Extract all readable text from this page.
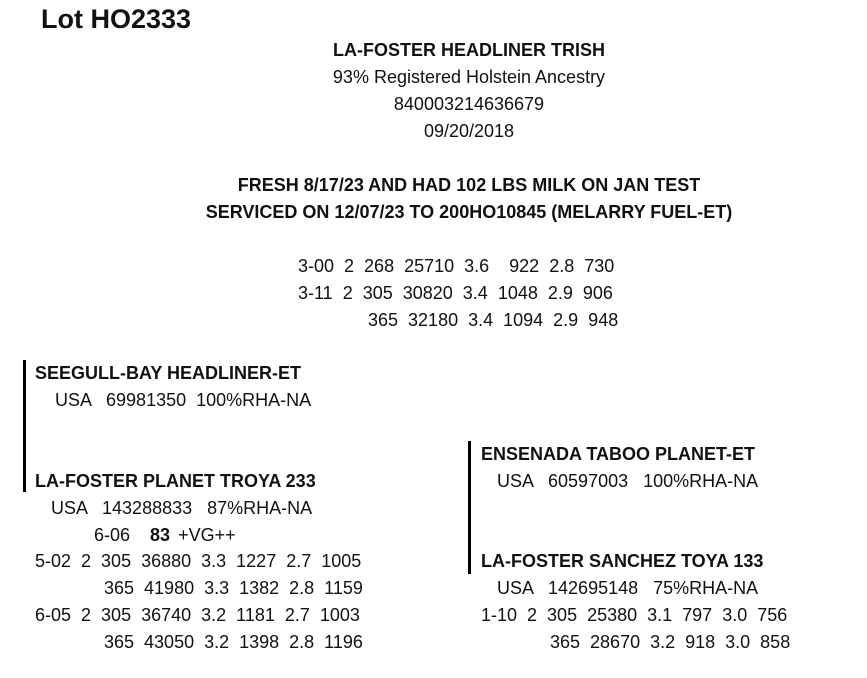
Lot HO2333
LA-FOSTER HEADLINER TRISH
93% Registered Holstein Ancestry
840003214636679
09/20/2018
FRESH 8/17/23 AND HAD 102 LBS MILK ON JAN TEST
SERVICED ON 12/07/23 TO 200HO10845 (MELARRY FUEL-ET)
3-00  2  268  25710  3.6    922  2.8  730
3-11  2  305  30820  3.4  1048  2.9  906
365  32180  3.4  1094  2.9  948
SEEGULL-BAY HEADLINER-ET
USA   69981350  100%RHA-NA
LA-FOSTER PLANET TROYA 233
USA   143288833   87%RHA-NA
6-06 83 +VG++
5-02  2  305  36880  3.3  1227  2.7  1005
365  41980  3.3  1382  2.8  1159
6-05  2  305  36740  3.2  1181  2.7  1003
365  43050  3.2  1398  2.8  1196
ENSENADA TABOO PLANET-ET
USA   60597003   100%RHA-NA
LA-FOSTER SANCHEZ TOYA 133
USA   142695148   75%RHA-NA
1-10  2  305  25380  3.1  797  3.0  756
365  28670  3.2  918  3.0  858
